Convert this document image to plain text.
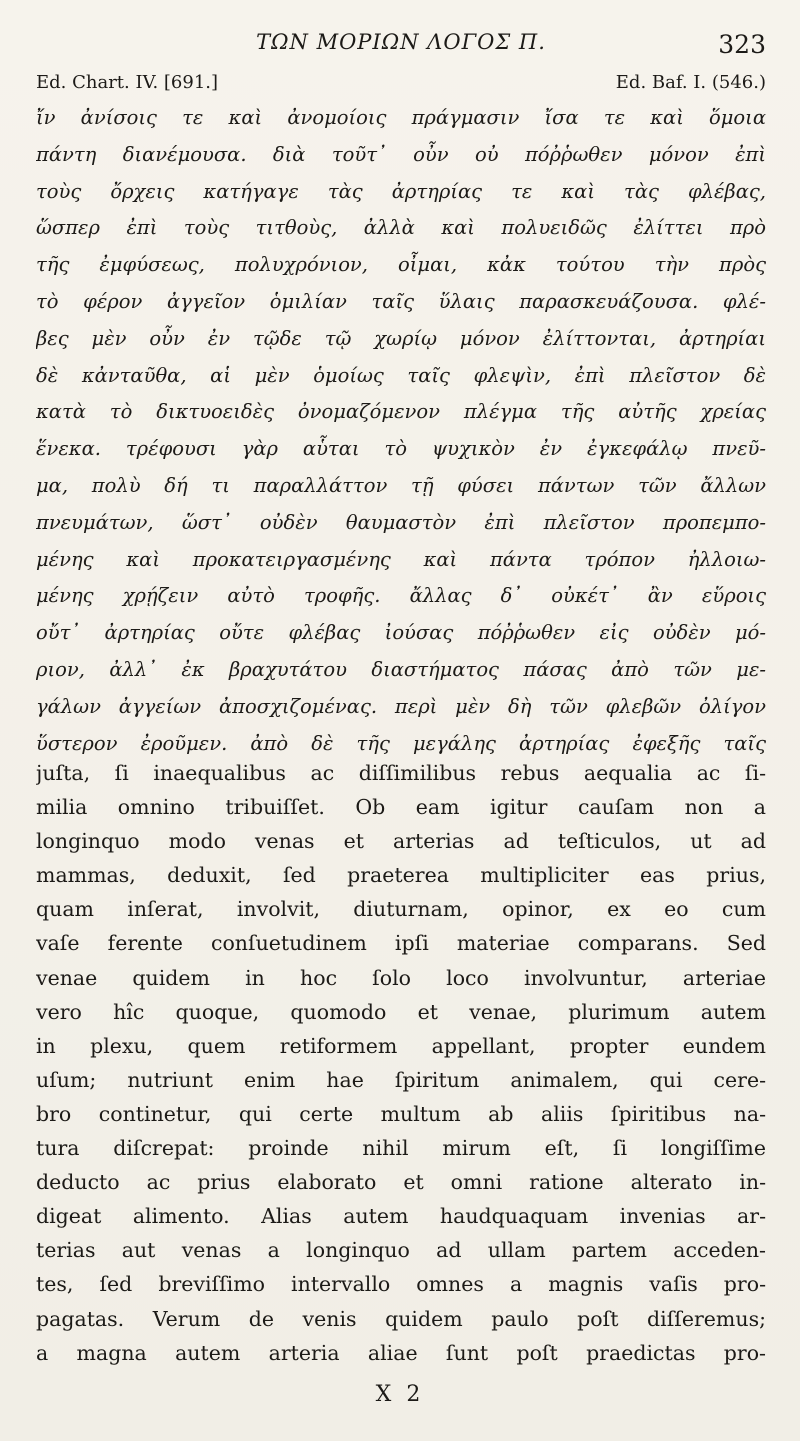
ΤΩΝ ΜΟΡΙΩΝ ΛΟΓΟΣ Π.	323
Ed. Chart. IV. [691.]	Ed. Baf. I. (546.)
ἴν ἀνίσοις τε καὶ ἀνομοίοις πράγμασιν ἴσα τε καὶ ὅμοια
πάντη διανέμουσα. διὰ τοῦτ᾿ οὖν οὐ πόῤῥωθεν μόνον ἐπὶ
τοὺς ὄρχεις κατήγαγε τὰς ἀρτηρίας τε καὶ τὰς φλέβας,
ὥσπερ ἐπὶ τοὺς τιτθοὺς, ἀλλὰ καὶ πολυειδῶς ἐλίττει πρὸ
τῆς ἐμφύσεως, πολυχρόνιον, οἶμαι, κἀκ τούτου τὴν πρὸς
τὸ φέρον ἀγγεῖον ὁμιλίαν ταῖς ὕλαις παρασκευάζουσα. φλέ-
βες μὲν οὖν ἐν τῷδε τῷ χωρίῳ μόνον ἐλίττονται, ἀρτηρίαι
δὲ κἀνταῦθα, αἱ μὲν ὁμοίως ταῖς φλεψὶν, ἐπὶ πλεῖστον δὲ
κατὰ τὸ δικτυοειδὲς ὀνομαζόμενον πλέγμα τῆς αὐτῆς χρείας
ἕνεκα. τρέφουσι γὰρ αὗται τὸ ψυχικὸν ἐν ἐγκεφάλῳ πνεῦ-
μα, πολὺ δή τι παραλλάττον τῇ φύσει πάντων τῶν ἄλλων
πνευμάτων, ὥστ᾿ οὐδὲν θαυμαστὸν ἐπὶ πλεῖστον προπεμπο-
μένης καὶ προκατειργασμένης καὶ πάντα τρόπον ἠλλοιω-
μένης χρῄζειν αὐτὸ τροφῆς. ἄλλας δ᾿ οὐκέτ᾿ ἂν εὕροις
οὔτ᾿ ἀρτηρίας οὔτε φλέβας ἰούσας πόῤῥωθεν εἰς οὐδὲν μό-
ριον, ἀλλ᾿ ἐκ βραχυτάτου διαστήματος πάσας ἀπὸ τῶν με-
γάλων ἀγγείων ἀποσχιζομένας. περὶ μὲν δὴ τῶν φλεβῶν ὀλίγον
ὕστερον ἐροῦμεν. ἀπὸ δὲ τῆς μεγάλης ἀρτηρίας ἐφεξῆς ταῖς
juſta, ſi inaequalibus ac diſſimilibus rebus aequalia ac ſi-
milia omnino tribuiſſet. Ob eam igitur cauſam non a
longinquo modo venas et arterias ad teſticulos, ut ad
mammas, deduxit, ſed praeterea multipliciter eas prius,
quam inſerat, involvit, diuturnam, opinor, ex eo cum
vaſe ferente conſuetudinem ipſi materiae comparans. Sed
venae quidem in hoc ſolo loco involvuntur, arteriae
vero hîc quoque, quomodo et venae, plurimum autem
in plexu, quem retiformem appellant, propter eundem
uſum; nutriunt enim hae ſpiritum animalem, qui cere-
bro continetur, qui certe multum ab aliis ſpiritibus na-
tura diſcrepat: proinde nihil mirum eſt, ſi longiſſime
deducto ac prius elaborato et omni ratione alterato in-
digeat alimento. Alias autem haudquaquam invenias ar-
terias aut venas a longinquo ad ullam partem acceden-
tes, ſed breviſſimo intervallo omnes a magnis vaſis pro-
pagatas. Verum de venis quidem paulo poſt diſſeremus;
a magna autem arteria aliae ſunt poſt praedictas pro-
X 2
